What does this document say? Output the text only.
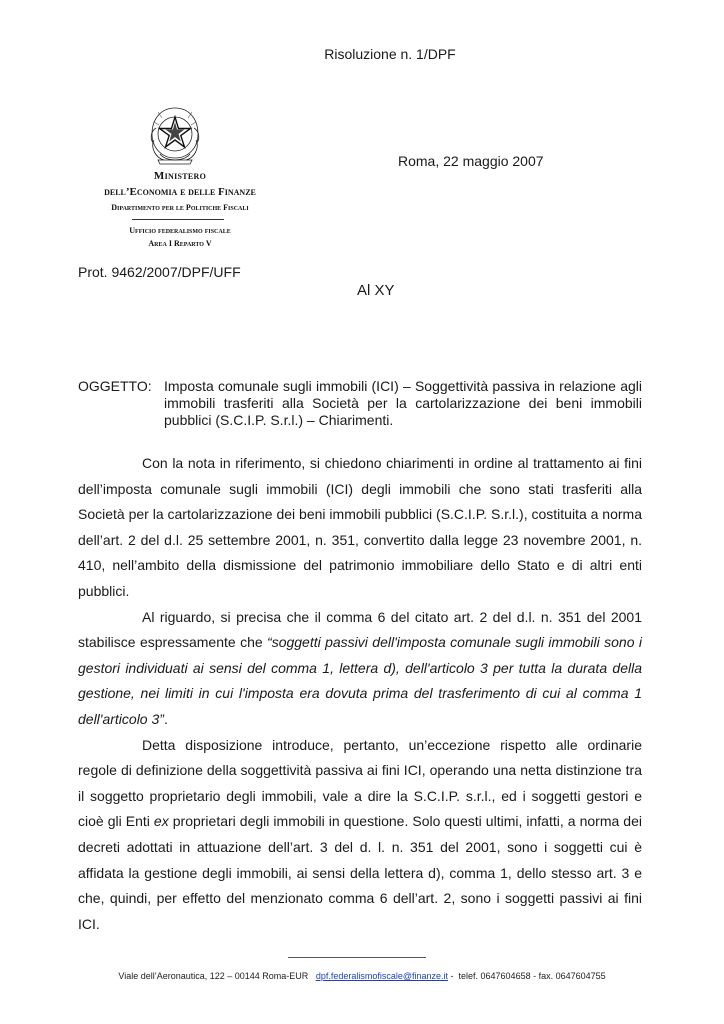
Risoluzione n. 1/DPF
Roma, 22 maggio 2007
Ministero
dell’Economia e delle Finanze
Dipartimento per le Politiche Fiscali
Ufficio federalismo fiscale
Area I Reparto V
Prot. 9462/2007/DPF/UFF
Al XY
OGGETTO: Imposta comunale sugli immobili (ICI) – Soggettività passiva in relazione agli immobili trasferiti alla Società per la cartolarizzazione dei beni immobili pubblici (S.C.I.P. S.r.l.) – Chiarimenti.

Con la nota in riferimento, si chiedono chiarimenti in ordine al trattamento ai fini dell’imposta comunale sugli immobili (ICI) degli immobili che sono stati trasferiti alla Società per la cartolarizzazione dei beni immobili pubblici (S.C.I.P. S.r.l.), costituita a norma dell’art. 2 del d.l. 25 settembre 2001, n. 351, convertito dalla legge 23 novembre 2001, n. 410, nell’ambito della dismissione del patrimonio immobiliare dello Stato e di altri enti pubblici.

Al riguardo, si precisa che il comma 6 del citato art. 2 del d.l. n. 351 del 2001 stabilisce espressamente che “soggetti passivi dell'imposta comunale sugli immobili sono i gestori individuati ai sensi del comma 1, lettera d), dell'articolo 3 per tutta la durata della gestione, nei limiti in cui l'imposta era dovuta prima del trasferimento di cui al comma 1 dell'articolo 3”.

Detta disposizione introduce, pertanto, un’eccezione rispetto alle ordinarie regole di definizione della soggettività passiva ai fini ICI, operando una netta distinzione tra il soggetto proprietario degli immobili, vale a dire la S.C.I.P. s.r.l., ed i soggetti gestori e cioè gli Enti ex proprietari degli immobili in questione. Solo questi ultimi, infatti, a norma dei decreti adottati in attuazione dell’art. 3 del d. l. n. 351 del 2001, sono i soggetti cui è affidata la gestione degli immobili, ai sensi della lettera d), comma 1, dello stesso art. 3 e che, quindi, per effetto del menzionato comma 6 dell’art. 2, sono i soggetti passivi ai fini ICI.

Viale dell’Aeronautica, 122 – 00144 Roma-EUR   dpf.federalismofiscale@finanze.it -  telef. 0647604658 - fax. 0647604755
